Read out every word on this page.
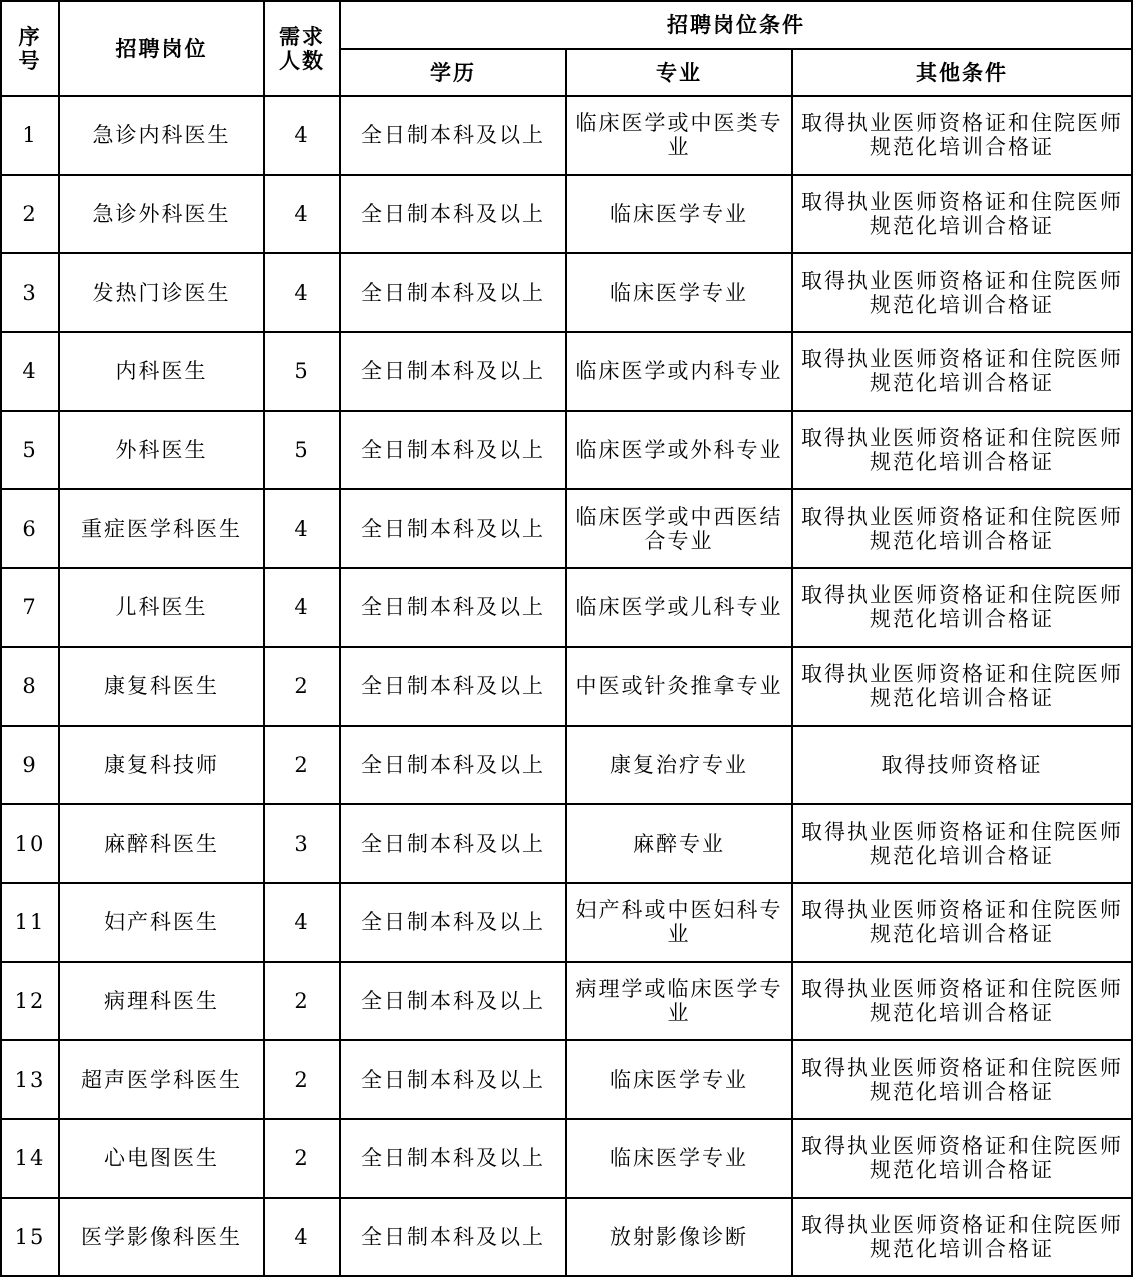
序号	招聘岗位	需求人数	招聘岗位条件		
			学历	专业	其他条件
1	急诊内科医生	4	全日制本科及以上	临床医学或中医类专业	取得执业医师资格证和住院医师规范化培训合格证
2	急诊外科医生	4	全日制本科及以上	临床医学专业	取得执业医师资格证和住院医师规范化培训合格证
3	发热门诊医生	4	全日制本科及以上	临床医学专业	取得执业医师资格证和住院医师规范化培训合格证
4	内科医生	5	全日制本科及以上	临床医学或内科专业	取得执业医师资格证和住院医师规范化培训合格证
5	外科医生	5	全日制本科及以上	临床医学或外科专业	取得执业医师资格证和住院医师规范化培训合格证
6	重症医学科医生	4	全日制本科及以上	临床医学或中西医结合专业	取得执业医师资格证和住院医师规范化培训合格证
7	儿科医生	4	全日制本科及以上	临床医学或儿科专业	取得执业医师资格证和住院医师规范化培训合格证
8	康复科医生	2	全日制本科及以上	中医或针灸推拿专业	取得执业医师资格证和住院医师规范化培训合格证
9	康复科技师	2	全日制本科及以上	康复治疗专业	取得技师资格证
10	麻醉科医生	3	全日制本科及以上	麻醉专业	取得执业医师资格证和住院医师规范化培训合格证
11	妇产科医生	4	全日制本科及以上	妇产科或中医妇科专业	取得执业医师资格证和住院医师规范化培训合格证
12	病理科医生	2	全日制本科及以上	病理学或临床医学专业	取得执业医师资格证和住院医师规范化培训合格证
13	超声医学科医生	2	全日制本科及以上	临床医学专业	取得执业医师资格证和住院医师规范化培训合格证
14	心电图医生	2	全日制本科及以上	临床医学专业	取得执业医师资格证和住院医师规范化培训合格证
15	医学影像科医生	4	全日制本科及以上	放射影像诊断	取得执业医师资格证和住院医师规范化培训合格证
